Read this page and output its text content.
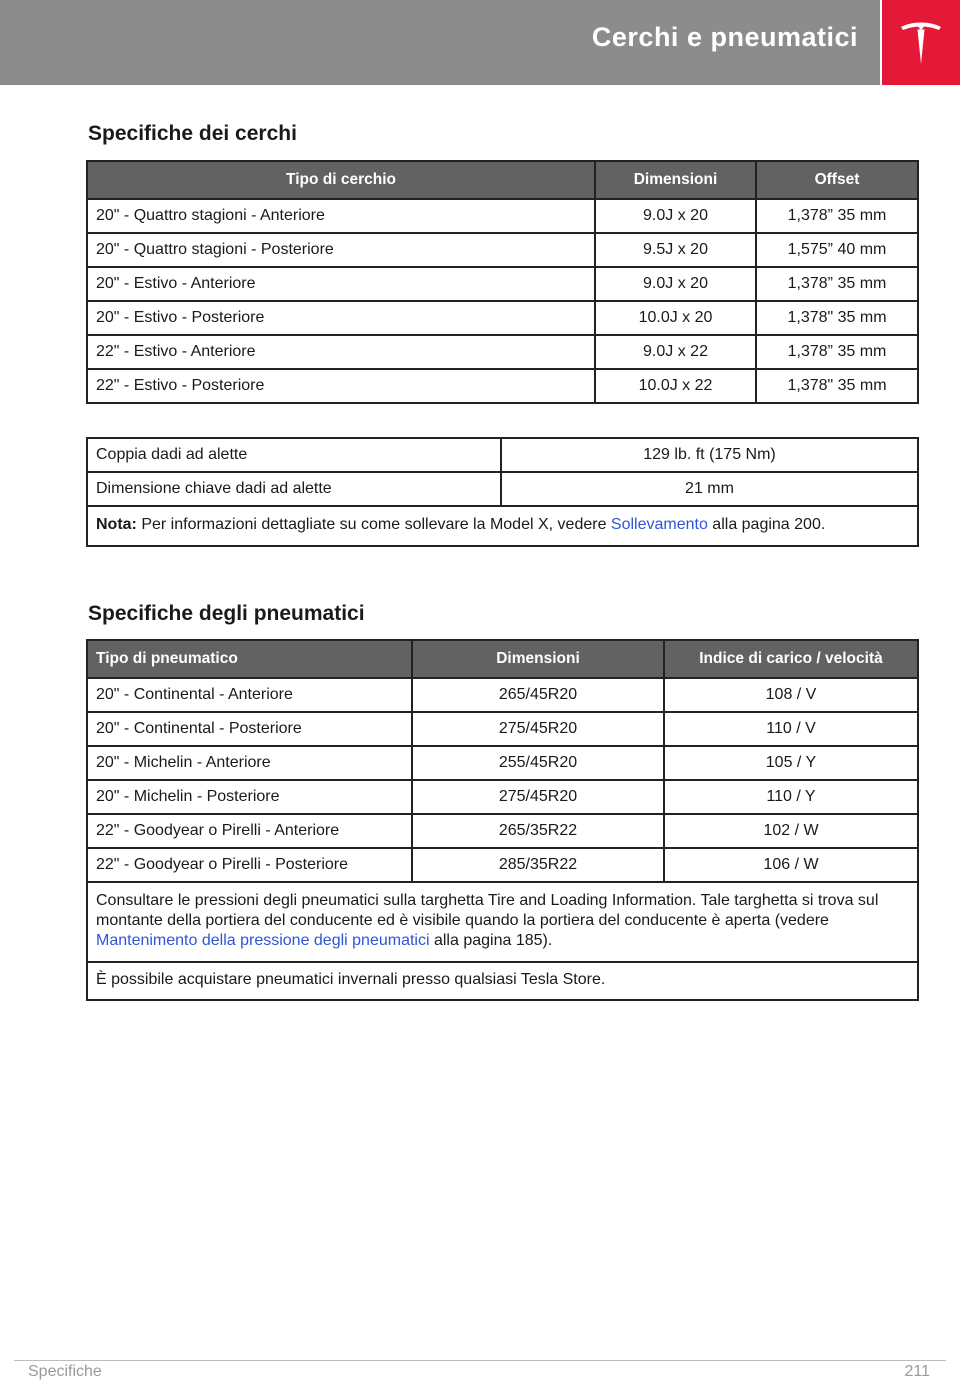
Cerchi e pneumatici
Specifiche dei cerchi
Tipo di cerchio	Dimensioni	Offset
20" - Quattro stagioni - Anteriore	9.0J x 20	1,378” 35 mm
20" - Quattro stagioni - Posteriore	9.5J x 20	1,575” 40 mm
20" - Estivo - Anteriore	9.0J x 20	1,378” 35 mm
20" - Estivo - Posteriore	10.0J x 20	1,378" 35 mm
22" - Estivo - Anteriore	9.0J x 22	1,378” 35 mm
22" - Estivo - Posteriore	10.0J x 22	1,378" 35 mm
Coppia dadi ad alette	129 lb. ft (175 Nm)
Dimensione chiave dadi ad alette	21 mm
Nota: Per informazioni dettagliate su come sollevare la Model X, vedere Sollevamento alla pagina 200.	
Specifiche degli pneumatici
Tipo di pneumatico	Dimensioni	Indice di carico / velocità
20" - Continental - Anteriore	265/45R20	108 / V
20" - Continental - Posteriore	275/45R20	110 / V
20" - Michelin - Anteriore	255/45R20	105 / Y
20" - Michelin - Posteriore	275/45R20	110 / Y
22" - Goodyear o Pirelli - Anteriore	265/35R22	102 / W
22" - Goodyear o Pirelli - Posteriore	285/35R22	106 / W
Consultare le pressioni degli pneumatici sulla targhetta Tire and Loading Information. Tale targhetta si trova sul montante della portiera del conducente ed è visibile quando la portiera del conducente è aperta (vedere Mantenimento della pressione degli pneumatici alla pagina 185).		
È possibile acquistare pneumatici invernali presso qualsiasi Tesla Store.		
Specifiche	211
